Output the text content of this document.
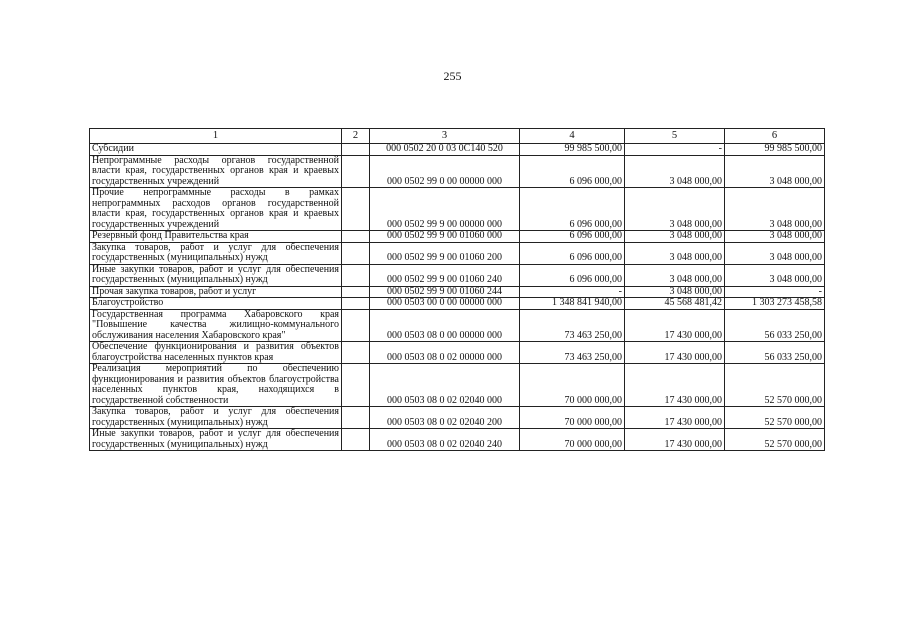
255
1	2	3	4	5	6
Субсидии		000 0502 20 0 03 0С140 520	99 985 500,00	-	99 985 500,00
Непрограммные расходы органов государственной власти края, государственных органов края и краевых государственных учреждений		000 0502 99 0 00 00000 000	6 096 000,00	3 048 000,00	3 048 000,00
Прочие непрограммные расходы в рамках непрограммных расходов органов государственной власти края, государственных органов края и краевых государственных учреждений		000 0502 99 9 00 00000 000	6 096 000,00	3 048 000,00	3 048 000,00
Резервный фонд Правительства края		000 0502 99 9 00 01060 000	6 096 000,00	3 048 000,00	3 048 000,00
Закупка товаров, работ и услуг для обеспечения государственных (муниципальных) нужд		000 0502 99 9 00 01060 200	6 096 000,00	3 048 000,00	3 048 000,00
Иные закупки товаров, работ и услуг для обеспечения государственных (муниципальных) нужд		000 0502 99 9 00 01060 240	6 096 000,00	3 048 000,00	3 048 000,00
Прочая закупка товаров, работ и услуг		000 0502 99 9 00 01060 244	-	3 048 000,00	-
Благоустройство		000 0503 00 0 00 00000 000	1 348 841 940,00	45 568 481,42	1 303 273 458,58
Государственная программа Хабаровского края "Повышение качества жилищно-коммунального обслуживания населения Хабаровского края"		000 0503 08 0 00 00000 000	73 463 250,00	17 430 000,00	56 033 250,00
Обеспечение функционирования и развития объектов благоустройства населенных пунктов края		000 0503 08 0 02 00000 000	73 463 250,00	17 430 000,00	56 033 250,00
Реализация мероприятий по обеспечению функционирования и развития объектов благоустройства населенных пунктов края, находящихся в государственной собственности		000 0503 08 0 02 02040 000	70 000 000,00	17 430 000,00	52 570 000,00
Закупка товаров, работ и услуг для обеспечения государственных (муниципальных) нужд		000 0503 08 0 02 02040 200	70 000 000,00	17 430 000,00	52 570 000,00
Иные закупки товаров, работ и услуг для обеспечения государственных (муниципальных) нужд		000 0503 08 0 02 02040 240	70 000 000,00	17 430 000,00	52 570 000,00
